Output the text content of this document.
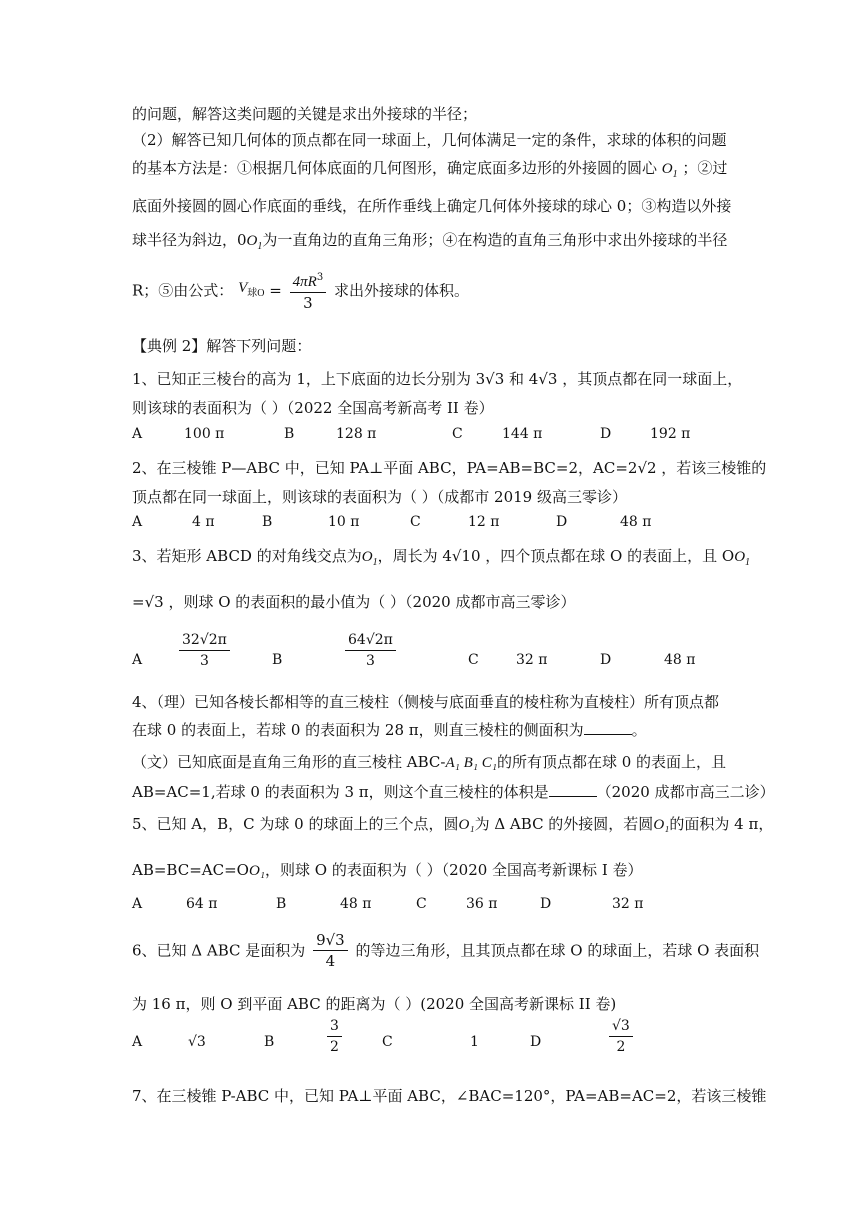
的问题，解答这类问题的关键是求出外接球的半径；
（2）解答已知几何体的顶点都在同一球面上，几何体满足一定的条件，求球的体积的问题
的基本方法是：①根据几何体底面的几何图形，确定底面多边形的外接圆的圆心 $O_1$ ；②过
底面外接圆的圆心作底面的垂线，在所作垂线上确定几何体外接球的球心 0；③构造以外接
球半径为斜边，$0O_1$为一直角边的直角三角形；④在构造的直角三角形中求出外接球的半径
R；⑤由公式： $V_{球O} = \frac{4\pi R^3}{3}$ 求出外接球的体积。
【典例 2】解答下列问题：
1、已知正三棱台的高为 1，上下底面的边长分别为 3√3 和 4√3 ，其顶点都在同一球面上，
则该球的表面积为（ ）（2022 全国高考新高考 II 卷）
A	100 π	B	128 π	C	144 π	D	192 π
2、在三棱锥 P—ABC 中，已知 PA⊥平面 ABC，PA=AB=BC=2，AC=2√2 ，若该三棱锥的
顶点都在同一球面上，则该球的表面积为（ ）（成都市 2019 级高三零诊）
A	4 π	B	10 π	C	12 π	D	48 π
3、若矩形 ABCD 的对角线交点为$O_1$，周长为 4√10 ，四个顶点都在球 O 的表面上，且 $OO_1$
=√3 ，则球 O 的表面积的最小值为（ ）（2020 成都市高三零诊）
A	$\frac{32√2\pi}{3}$	B	$\frac{64√2\pi}{3}$	C	32 π	D	48 π
4、（理）已知各棱长都相等的直三棱柱（侧棱与底面垂直的棱柱称为直棱柱）所有顶点都
在球 0 的表面上，若球 0 的表面积为 28 π，则直三棱柱的侧面积为	。
（文）已知底面是直角三角形的直三棱柱 ABC-A₁ B₁ C₁的所有顶点都在球 0 的表面上，且
AB=AC=1,若球 0 的表面积为 3 π，则这个直三棱柱的体积是	（2020 成都市高三二诊）
5、已知 A，B，C 为球 0 的球面上的三个点，圆O₁为 Δ ABC 的外接圆，若圆O₁的面积为 4 π，
AB=BC=AC=OO₁，则球 O 的表面积为（ ）（2020 全国高考新课标 I 卷）
A	64 π	B	48 π	C	36 π	D	32 π
6、已知 Δ ABC 是面积为 $\frac{9√3}{4}$ 的等边三角形，且其顶点都在球 O 的球面上，若球 O 表面积
为 16 π，则 O 到平面 ABC 的距离为（ ）(2020 全国高考新课标 II 卷)
A	√3	B	$\frac{3}{2}$	C	1	D	$\frac{√3}{2}$
7、在三棱锥 P-ABC 中，已知 PA⊥平面 ABC，∠BAC=120°，PA=AB=AC=2，若该三棱锥
